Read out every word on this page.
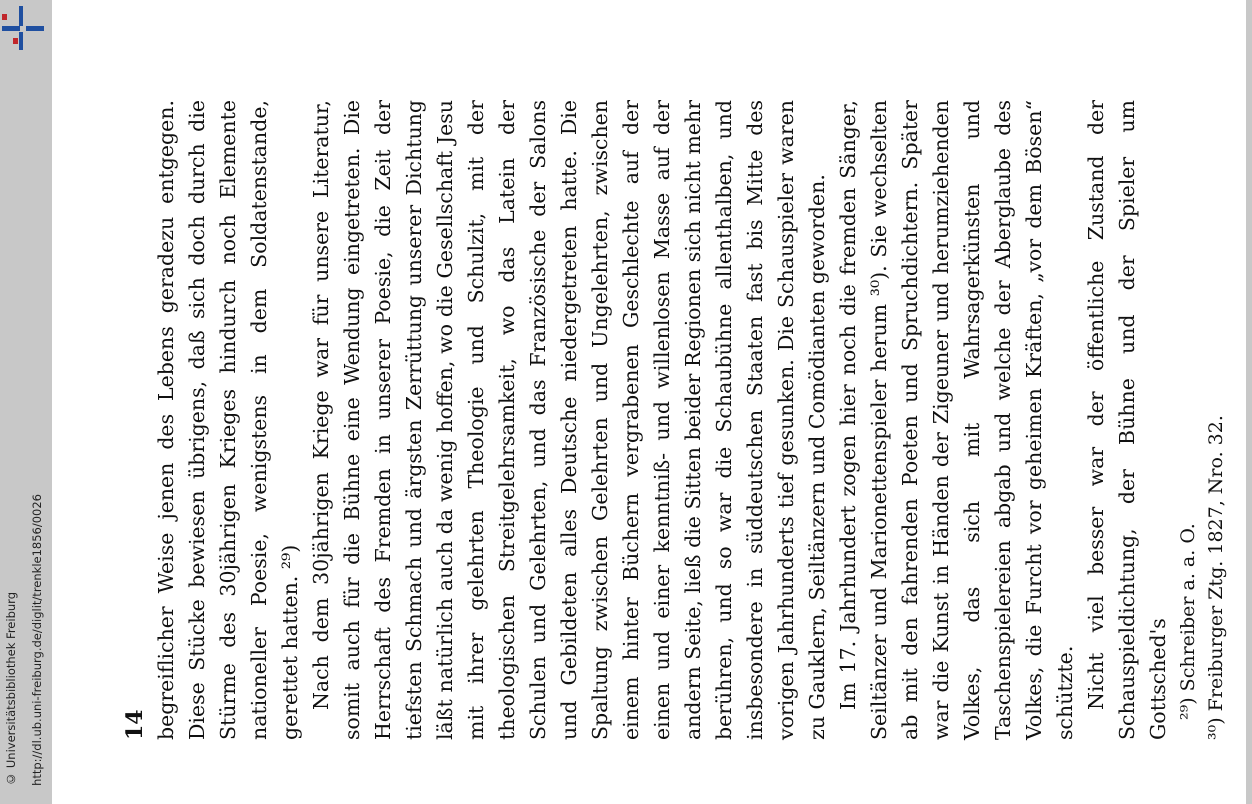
http://dl.ub.uni-freiburg.de/diglit/trenkle1856/0026
© Universitätsbibliothek Freiburg	14 begreiflicher Weise jenen des Lebens geradezu entgegen. Diese Stücke bewiesen übrigens, daß sich doch durch die Stürme des 30jährigen Krieges hindurch noch Elemente nationeller Poesie, wenigstens in dem Soldatenstande, gerettet hatten. ²⁹) Nach dem 30jährigen Kriege war für unsere Literatur, somit auch für die Bühne eine Wendung eingetreten. Die Herrschaft des Fremden in unserer Poesie, die Zeit der tiefsten Schmach und ärgsten Zerrüttung unserer Dichtung läßt natürlich auch da wenig hoffen, wo die Gesellschaft Jesu mit ihrer gelehrten Theologie und Schulzit, mit der theologischen Streitgelehrsamkeit, wo das Latein der Schulen und Gelehrten, und das Französische der Salons und Gebildeten alles Deutsche niedergetreten hatte. Die Spaltung zwischen Gelehrten und Ungelehrten, zwischen einem hinter Büchern vergrabenen Geschlechte auf der einen und einer kenntniß- und willenlosen Masse auf der andern Seite, ließ die Sitten beider Regionen sich nicht mehr berühren, und so war die Schaubühne allenthalben, und insbesondere in süddeutschen Staaten fast bis Mitte des vorigen Jahrhunderts tief gesunken. Die Schauspieler waren zu Gauklern, Seiltänzern und Comödianten geworden. Im 17. Jahrhundert zogen hier noch die fremden Sänger, Seiltänzer und Marionettenspieler herum ³⁰). Sie wechselten ab mit den fahrenden Poeten und Spruchdichtern. Später war die Kunst in Händen der Zigeuner und herumziehenden Volkes, das sich mit Wahrsagerkünsten und Taschenspielereien abgab und welche der Aberglaube des Volkes, die Furcht vor geheimen Kräften, „vor dem Bösen“ schützte. Nicht viel besser war der öffentliche Zustand der Schauspieldichtung, der Bühne und der Spieler um Gottsched's ²⁹) Schreiber a. a. O. ³⁰) Freiburger Ztg. 1827, Nro. 32.
